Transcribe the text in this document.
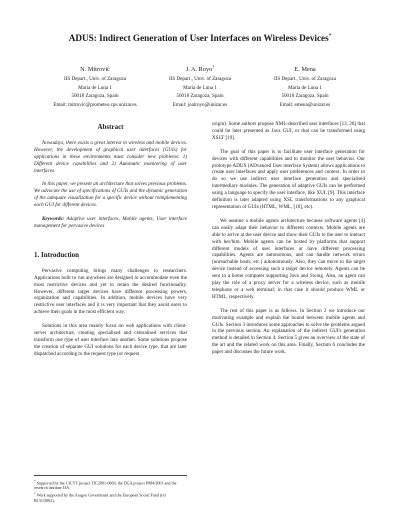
ADUS: Indirect Generation of User Interfaces on Wireless Devices*
N. Mitrović
IIS Depart., Univ. of Zaragoza
María de Luna 1
50018 Zaragoza, Spain
Email: mitrovic@prometeo.cps.unizar.es
J. A. Royo†
IIS Depart., Univ. of Zaragoza
María de Luna 1
50018 Zaragoza, Spain
Email: joalroyo@unizar.es
E. Mena
IIS Depart., Univ. of Zaragoza
María de Luna 1
50018 Zaragoza, Spain
Email: emena@unizar.es
Abstract

Nowadays, there exists a great interest in wireless and mobile devices. However, the development of graphical user interfaces (GUIs) for applications in these environments must consider new problems: 1) Different device capabilities and 2) Automatic monitoring of user interfaces.

In this paper, we present an architecture that solves previous problems. We advocate the use of specifications of GUIs and the dynamic generation of the adequate visualization for a specific device without reimplementing each GUI for different devices.

Keywords: Adaptive user interfaces, Mobile agents, User interface management for pervasive devices
1. Introduction

Pervasive computing brings many challenges to researchers. Applications built to run anywhere are designed to accommodate even the most restrictive devices and yet to retain the desired functionality. However, different target devices have different processing powers, organization and capabilities. In addition, mobile devices have very restrictive user interfaces and it is very important that they assist users to achieve their goals in the most efficient way.

Solutions in this area mainly focus on web applications with client-server architecture, creating specialised and centralised services that transform one type of user interface into another. Some solutions propose the creation of separate GUI solutions for each device type, that are later dispatched according to the request type (or request

* Supported by the CICYT project TIC2001-0660, the DGA project P084/2001 and the research institute I3A.
† Work supported by the Aragon Government and the European Social Fund (ref B131/2002).

origin). Some authors propose XML-described user interfaces [13, 20] that could be later presented as Java GUI, or that can be transformed using XSLT [19].

The goal of this paper is to facilitate user interface generation for devices with different capabilities and to monitor the user behavior. Our prototype ADUS (ADvanced User interface System) allows applications to create user interfaces and apply user preferences and context. In order to do so we use indirect user interface generation and specialised intermediary modules. The generation of adaptive GUIs can be performed using a language to specify the user interface, like XUL [9]. This interface definition is later adapted using XSL transformations to any graphical representation of GUIs (HTML, WML, [18], etc).

We assume a mobile agents architecture because software agents [4] can easily adapt their behavior to different contexts. Mobile agents are able to arrive at the user device and show their GUIs to the user to interact with her/him. Mobile agents can be hosted by platforms that support different models of user interfaces or have different processing capabilities. Agents are autonomous, and can handle network errors (unreachable hosts, etc.) autonomously. Also, they can move to the target device instead of accessing such a target device remotely. Agents can be sent to a home computer supporting Java and Swing. Also, an agent can play the role of a proxy server for a wireless device, such as mobile telephone or a web terminal; in that case it should produce WML or HTML, respectively.

The rest of this paper is as follows. In Section 2 we introduce our motivating example and explain the bound between mobile agents and GUIs. Section 3 introduces some approaches to solve the problems argued in the previous section. An explanation of the indirect GUI's generation method is detailed in Section 4. Section 5 gives an overview of the state of the art and the related work on this area. Finally, Section 6 concludes the paper and discusses the future work.
